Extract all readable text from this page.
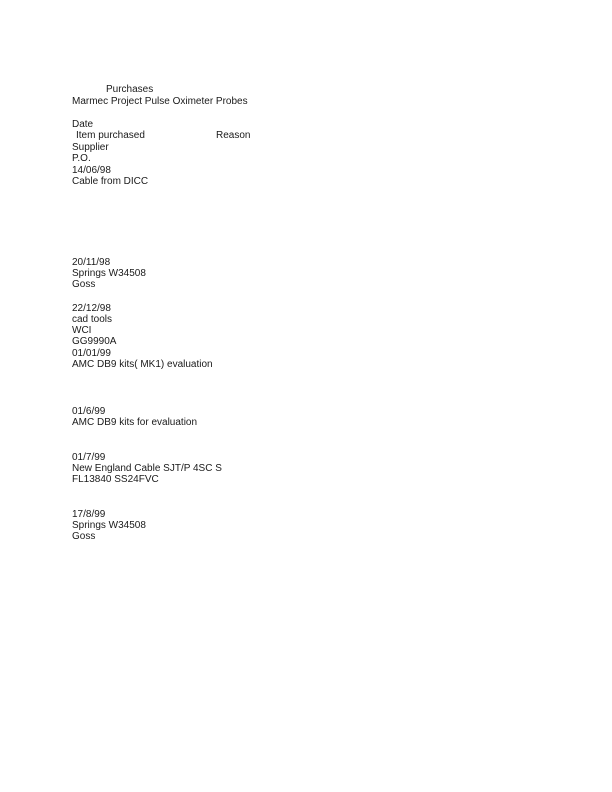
Purchases
Marmec Project Pulse Oximeter Probes
Date
Item purchased	Reason
Supplier
P.O.
14/06/98
Cable from DICC
20/11/98
Springs W34508
Goss
22/12/98
cad tools
WCI
GG9990A
01/01/99
AMC DB9 kits( MK1) evaluation
01/6/99
AMC DB9 kits for evaluation
01/7/99
New England Cable SJT/P 4SC S
FL13840 SS24FVC
17/8/99
Springs W34508
Goss
